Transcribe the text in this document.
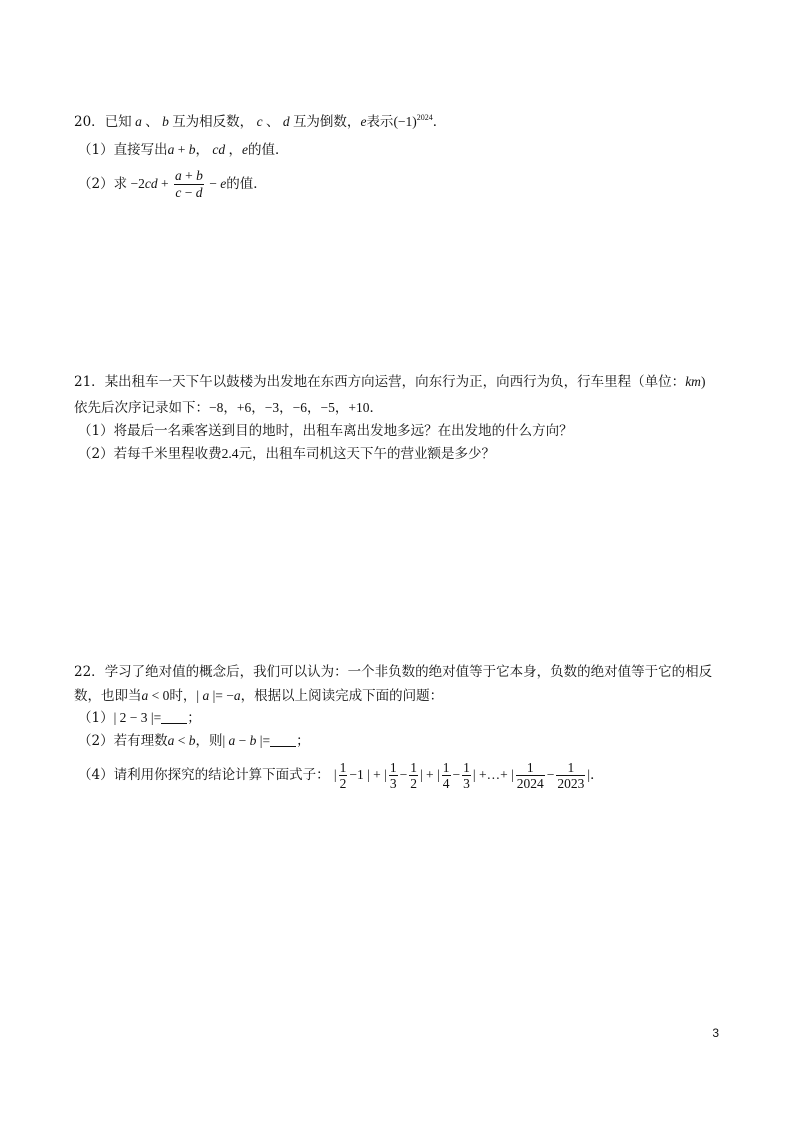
20．已知 a 、 b 互为相反数， c 、 d 互为倒数，e表示$(-1)^{2024}$．
（1）直接写出a + b， cd ，e的值．
（2）求 $-2cd + \frac{a + b}{c - d} - e$的值．
21．某出租车一天下午以鼓楼为出发地在东西方向运营，向东行为正，向西行为负，行车里程（单位：km)
依先后次序记录如下：−8，+6，−3，−6，−5，+10．
（1）将最后一名乘客送到目的地时，出租车离出发地多远？在出发地的什么方向？
（2）若每千米里程收费2.4元，出租车司机这天下午的营业额是多少？
22．学习了绝对值的概念后，我们可以认为：一个非负数的绝对值等于它本身，负数的绝对值等于它的相反
数，也即当a < 0时，| a |= −a，根据以上阅读完成下面的问题：
（1）| 2 − 3 |= ；
（2）若有理数a < b，则| a − b |= ；
（4）请利用你探究的结论计算下面式子： | $\frac{1}{2} -1$ | + | $\frac{1}{3} - \frac{1}{2}$ | + | $\frac{1}{4} - \frac{1}{3}$ | +…+ | $\frac{1}{2024} - \frac{1}{2023}$ |．
3
